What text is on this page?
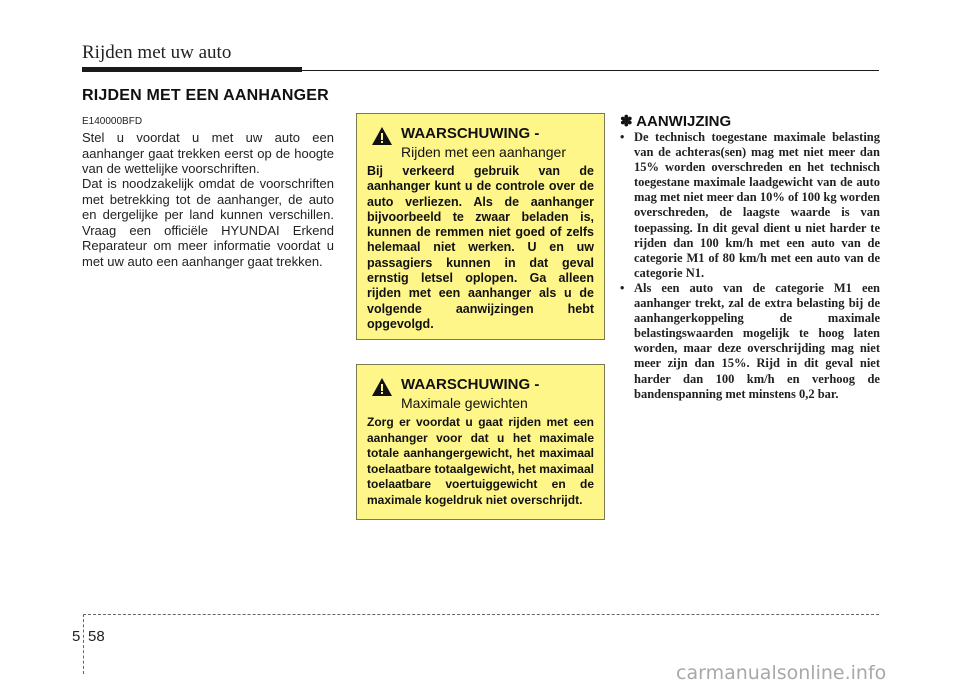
Rijden met uw auto
RIJDEN MET EEN AANHANGER
E140000BFD
Stel u voordat u met uw auto een aanhanger gaat trekken eerst op de hoogte van de wettelijke voorschriften.
Dat is noodzakelijk omdat de voorschriften met betrekking tot de aanhanger, de auto en dergelijke per land kunnen verschillen. Vraag een officiële HYUNDAI Erkend Reparateur om meer informatie voordat u met uw auto een aanhanger gaat trekken.
WAARSCHUWING -
Rijden met een aanhanger
Bij verkeerd gebruik van de aanhanger kunt u de controle over de auto verliezen. Als de aanhanger bijvoorbeeld te zwaar beladen is, kunnen de remmen niet goed of zelfs helemaal niet werken. U en uw passagiers kunnen in dat geval ernstig letsel oplopen. Ga alleen rijden met een aanhanger als u de volgende aanwijzingen hebt opgevolgd.
WAARSCHUWING -
Maximale gewichten
Zorg er voordat u gaat rijden met een aanhanger voor dat u het maximale totale aanhangergewicht, het maximaal toelaatbare totaalgewicht, het maximaal toelaatbare voertuiggewicht en de maximale kogeldruk niet overschrijdt.
✽ AANWIJZING
• De technisch toegestane maximale belasting van de achteras(sen) mag met niet meer dan 15% worden overschreden en het technisch toegestane maximale laadgewicht van de auto mag met niet meer dan 10% of 100 kg worden overschreden, de laagste waarde is van toepassing. In dit geval dient u niet harder te rijden dan 100 km/h met een auto van de categorie M1 of 80 km/h met een auto van de categorie N1.
• Als een auto van de categorie M1 een aanhanger trekt, zal de extra belasting bij de aanhangerkoppeling de maximale belastingswaarden mogelijk te hoog laten worden, maar deze overschrijding mag niet meer zijn dan 15%. Rijd in dit geval niet harder dan 100 km/h en verhoog de bandenspanning met minstens 0,2 bar.
5 58
carmanualsonline.info
